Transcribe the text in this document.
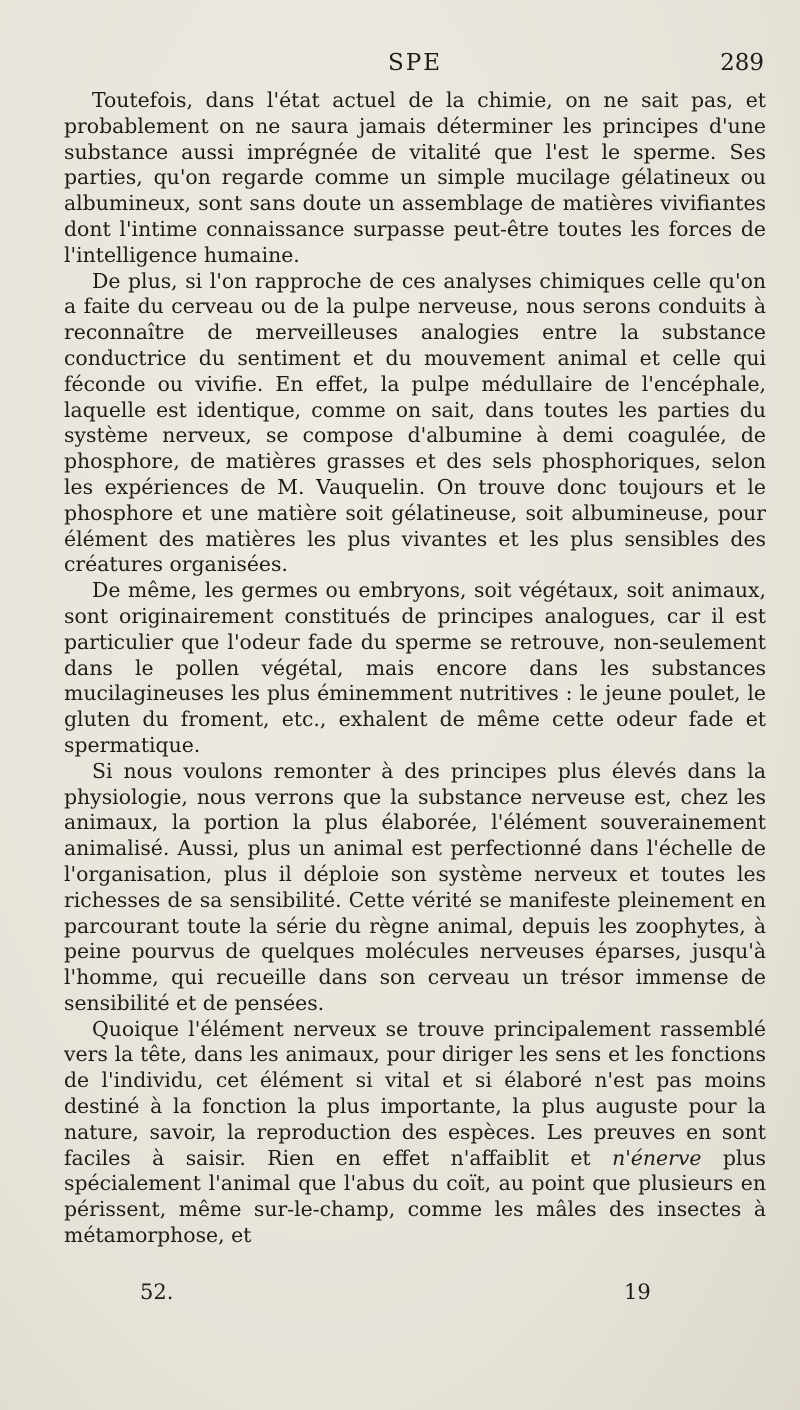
SPE	289

Toutefois, dans l'état actuel de la chimie, on ne sait pas, et probablement on ne saura jamais déterminer les principes d'une substance aussi imprégnée de vitalité que l'est le sperme. Ses parties, qu'on regarde comme un simple mucilage gélatineux ou albumineux, sont sans doute un assemblage de matières vivifiantes dont l'intime connaissance surpasse peut-être toutes les forces de l'intelligence humaine.

De plus, si l'on rapproche de ces analyses chimiques celle qu'on a faite du cerveau ou de la pulpe nerveuse, nous serons conduits à reconnaître de merveilleuses analogies entre la substance conductrice du sentiment et du mouvement animal et celle qui féconde ou vivifie. En effet, la pulpe médullaire de l'encéphale, laquelle est identique, comme on sait, dans toutes les parties du système nerveux, se compose d'albumine à demi coagulée, de phosphore, de matières grasses et des sels phosphoriques, selon les expériences de M. Vauquelin. On trouve donc toujours et le phosphore et une matière soit gélatineuse, soit albumineuse, pour élément des matières les plus vivantes et les plus sensibles des créatures organisées.

De même, les germes ou embryons, soit végétaux, soit animaux, sont originairement constitués de principes analogues, car il est particulier que l'odeur fade du sperme se retrouve, non-seulement dans le pollen végétal, mais encore dans les substances mucilagineuses les plus éminemment nutritives : le jeune poulet, le gluten du froment, etc., exhalent de même cette odeur fade et spermatique.

Si nous voulons remonter à des principes plus élevés dans la physiologie, nous verrons que la substance nerveuse est, chez les animaux, la portion la plus élaborée, l'élément souverainement animalisé. Aussi, plus un animal est perfectionné dans l'échelle de l'organisation, plus il déploie son système nerveux et toutes les richesses de sa sensibilité. Cette vérité se manifeste pleinement en parcourant toute la série du règne animal, depuis les zoophytes, à peine pourvus de quelques molécules nerveuses éparses, jusqu'à l'homme, qui recueille dans son cerveau un trésor immense de sensibilité et de pensées.

Quoique l'élément nerveux se trouve principalement rassemblé vers la tête, dans les animaux, pour diriger les sens et les fonctions de l'individu, cet élément si vital et si élaboré n'est pas moins destiné à la fonction la plus importante, la plus auguste pour la nature, savoir, la reproduction des espèces. Les preuves en sont faciles à saisir. Rien en effet n'affaiblit et n'énerve plus spécialement l'animal que l'abus du coït, au point que plusieurs en périssent, même sur-le-champ, comme les mâles des insectes à métamorphose, et

52.	19
